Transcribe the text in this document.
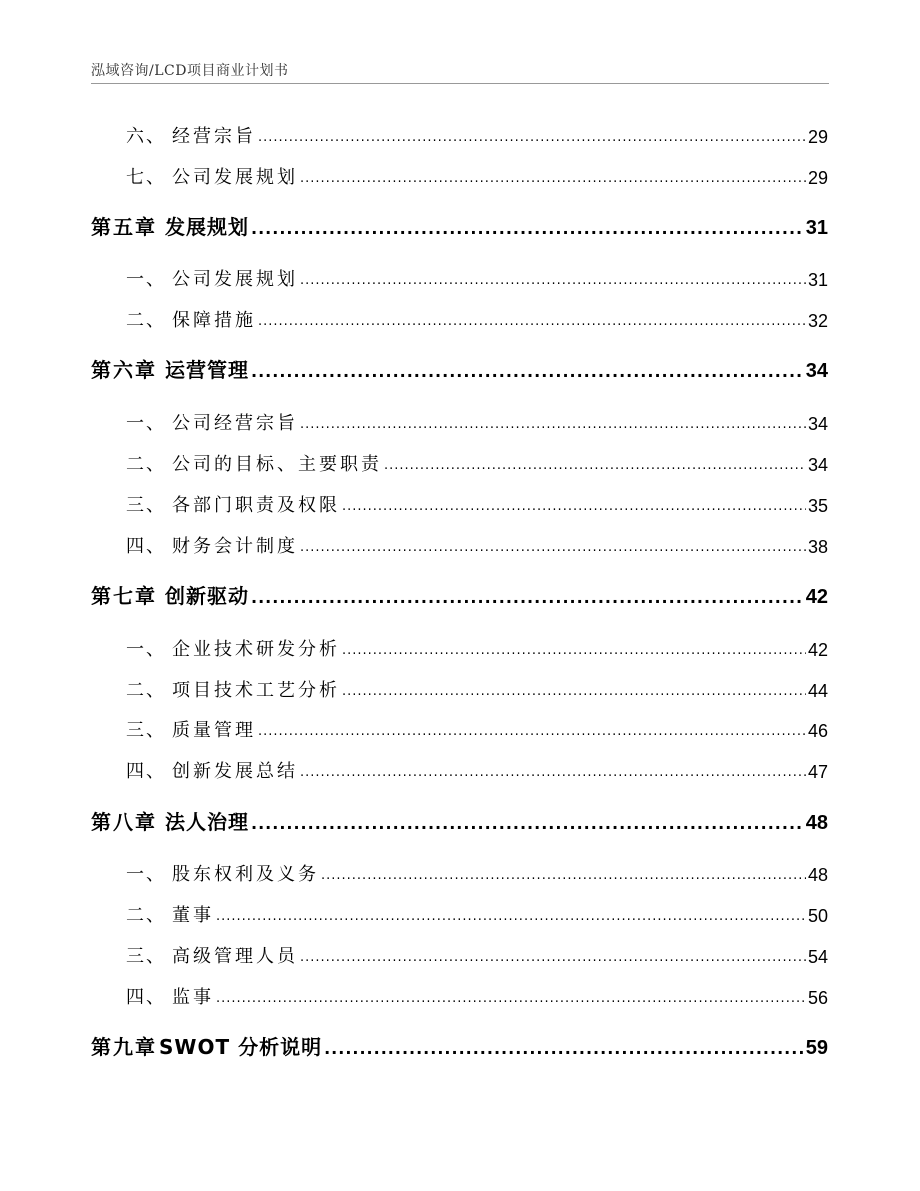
泓域咨询/LCD项目商业计划书
六、 经营宗旨 .....	29
七、 公司发展规划 .....	29
第五章 发展规划 .....	31
一、 公司发展规划 .....	31
二、 保障措施 .....	32
第六章 运营管理 .....	34
一、 公司经营宗旨 .....	34
二、 公司的目标、主要职责 .....	34
三、 各部门职责及权限 .....	35
四、 财务会计制度 .....	38
第七章 创新驱动 .....	42
一、 企业技术研发分析 .....	42
二、 项目技术工艺分析 .....	44
三、 质量管理 .....	46
四、 创新发展总结 .....	47
第八章 法人治理 .....	48
一、 股东权利及义务 .....	48
二、 董事 .....	50
三、 高级管理人员 .....	54
四、 监事 .....	56
第九章 SWOT 分析说明 .....	59
